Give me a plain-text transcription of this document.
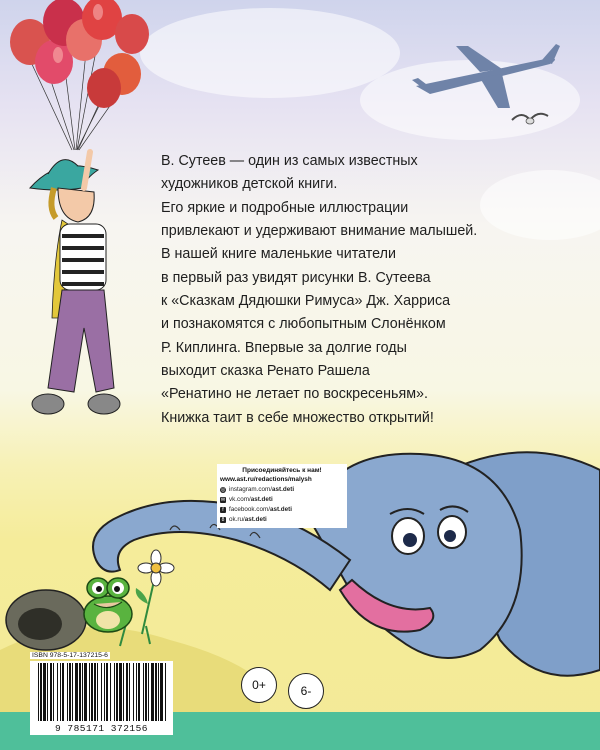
В. Сутеев — один из самых известных
художников детской книги.
Его яркие и подробные иллюстрации
привлекают и удерживают внимание малышей.
В нашей книге маленькие читатели
в первый раз увидят рисунки В. Сутеева
к «Сказкам Дядюшки Римуса» Дж. Харриса
и познакомятся с любопытным Слонёнком
Р. Киплинга. Впервые за долгие годы
выходит сказка Ренато Рашела
«Ренатино не летает по воскресеньям».
Книжка таит в себе множество открытий!
Присоединяйтесь к нам!
www.ast.ru/redactions/malysh
◎ instagram.com/ ast.deti
✉ vk.com/ ast.deti
f facebook.com/ ast.deti
8 ok.ru/ ast.deti
ISBN 978-5-17-137215-6
9 785171 372156
0+	6-
